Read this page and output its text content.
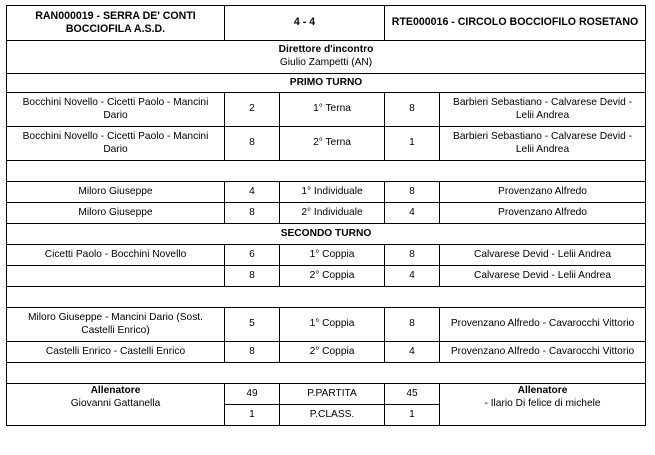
RAN000019 - SERRA DE' CONTI BOCCIOFILA A.S.D.	4 - 4		RTE000016 - CIRCOLO BOCCIOFILO ROSETANO	

Direttore d'incontro
Giulio Zampetti (AN)				

PRIMO TURNO				
Bocchini Novello - Cicetti Paolo - Mancini Dario	2	1° Terna	8	Barbieri Sebastiano - Calvarese Devid - Lelii Andrea
Bocchini Novello - Cicetti Paolo - Mancini Dario	8	2° Terna	1	Barbieri Sebastiano - Calvarese Devid - Lelii Andrea

Miloro Giuseppe	4	1° Individuale	8	Provenzano Alfredo
Miloro Giuseppe	8	2° Individuale	4	Provenzano Alfredo
SECONDO TURNO				
Cicetti Paolo - Bocchini Novello	6	1° Coppia	8	Calvarese Devid - Lelii Andrea
	8	2° Coppia	4	Calvarese Devid - Lelii Andrea

Miloro Giuseppe - Mancini Dario (Sost. Castelli Enrico)	5	1° Coppia	8	Provenzano Alfredo - Cavarocchi Vittorio
Castelli Enrico - Castelli Enrico	8	2° Coppia	4	Provenzano Alfredo - Cavarocchi Vittorio

Allenatore
Giovanni Gattanella	49	P.PARTITA	45	Allenatore
- Ilario Di felice di michele

	1	P.CLASS.	1	
